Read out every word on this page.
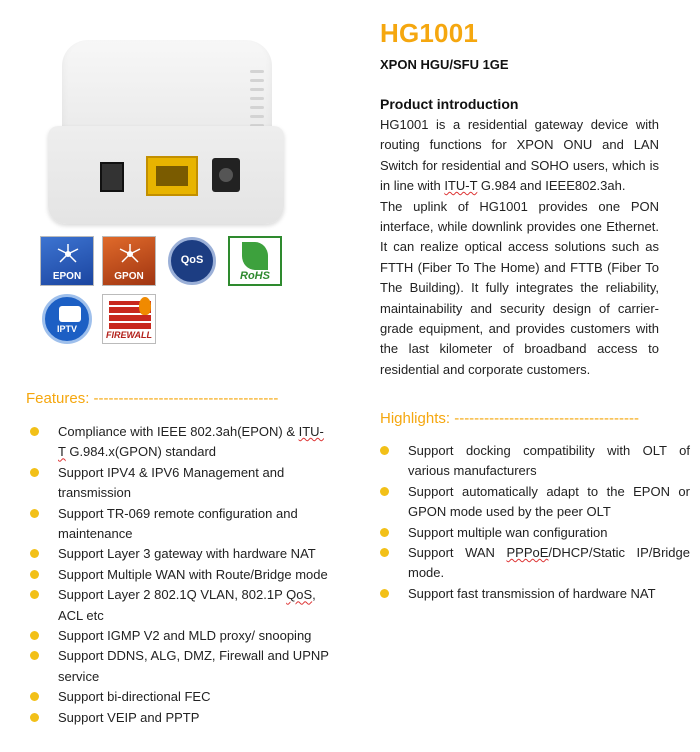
EPON	GPON
QoS
RoHS
IPTV
FIREWALL
HG1001
XPON HGU/SFU 1GE
Product introduction

HG1001 is a residential gateway device with routing functions for XPON ONU and LAN Switch for residential and SOHO users, which is in line with ITU-T G.984 and IEEE802.3ah.

The uplink of HG1001 provides one PON interface, while downlink provides one Ethernet. It can realize optical access solutions such as FTTH (Fiber To The Home) and FTTB (Fiber To The Building). It fully integrates the reliability, maintainability and security design of carrier-grade equipment, and provides customers with the last kilometer of broadband access to residential and corporate customers.

Features: -------------------------------------
Compliance with IEEE 802.3ah(EPON) & ITU-T G.984.x(GPON) standard
Support IPV4 & IPV6 Management and transmission
Support TR-069 remote configuration and maintenance
Support Layer 3 gateway with hardware NAT
Support Multiple WAN with Route/Bridge mode
Support Layer 2 802.1Q VLAN, 802.1P QoS, ACL etc
Support IGMP V2 and MLD proxy/ snooping
Support DDNS, ALG, DMZ, Firewall and UPNP service
Support bi-directional FEC
Support VEIP and PPTP
Highlights: -------------------------------------
Support docking compatibility with OLT of various manufacturers
Support automatically adapt to the EPON or GPON mode used by the peer OLT
Support multiple wan configuration
Support WAN PPPoE/DHCP/Static IP/Bridge mode.
Support fast transmission of hardware NAT
